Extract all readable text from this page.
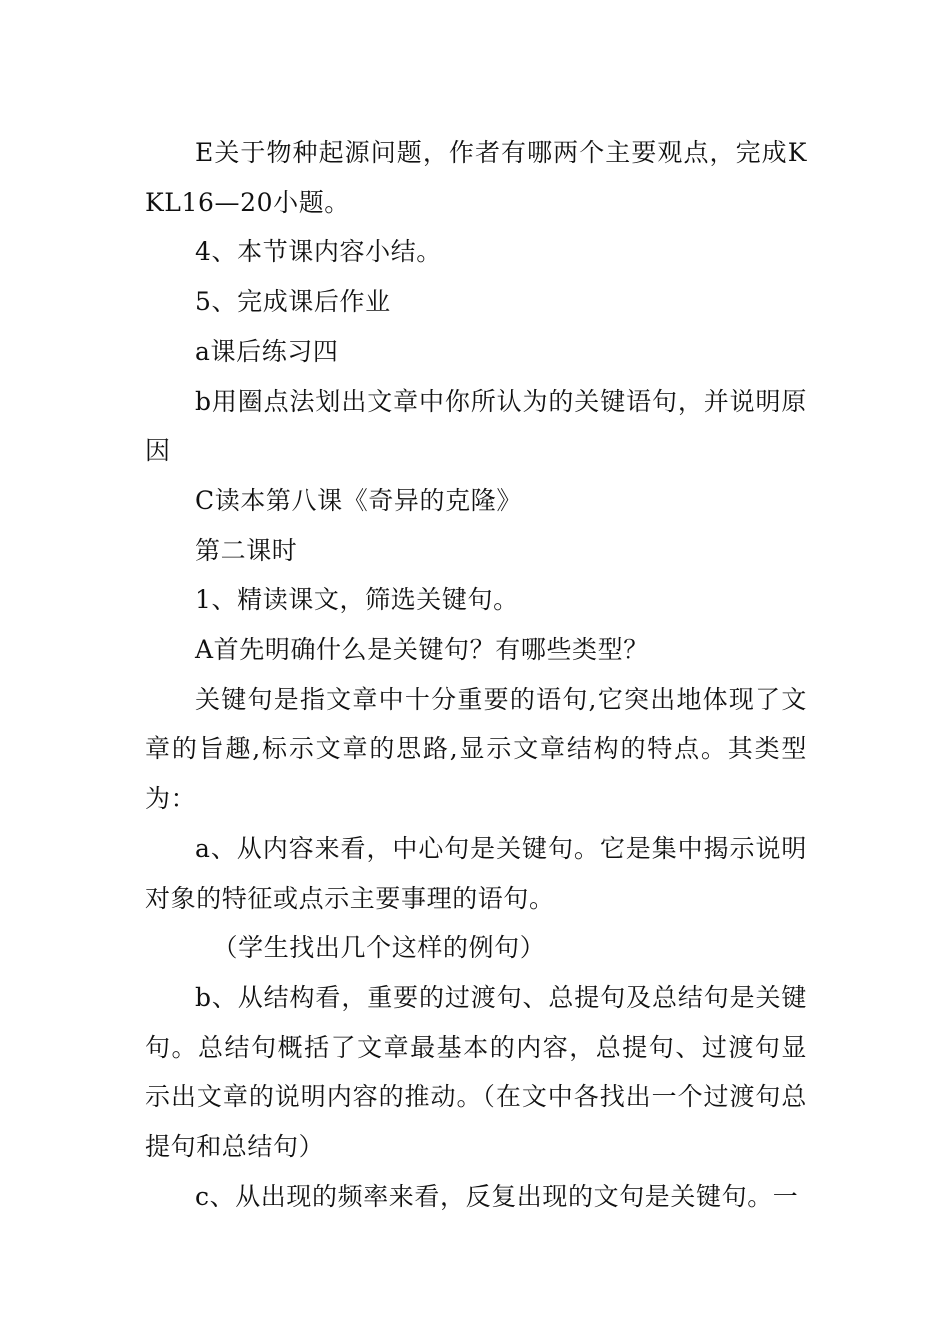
E关于物种起源问题，作者有哪两个主要观点，完成KKL16—20小题。

4、本节课内容小结。

5、完成课后作业

a课后练习四

b用圈点法划出文章中你所认为的关键语句，并说明原因

C读本第八课《奇异的克隆》

第二课时

1、精读课文，筛选关键句。

A首先明确什么是关键句？有哪些类型？

关键句是指文章中十分重要的语句,它突出地体现了文章的旨趣,标示文章的思路,显示文章结构的特点。其类型为：

a、从内容来看，中心句是关键句。它是集中揭示说明对象的特征或点示主要事理的语句。

（学生找出几个这样的例句）

b、从结构看，重要的过渡句、总提句及总结句是关键句。总结句概括了文章最基本的内容，总提句、过渡句显示出文章的说明内容的推动。（在文中各找出一个过渡句总提句和总结句）

c、从出现的频率来看，反复出现的文句是关键句。一
